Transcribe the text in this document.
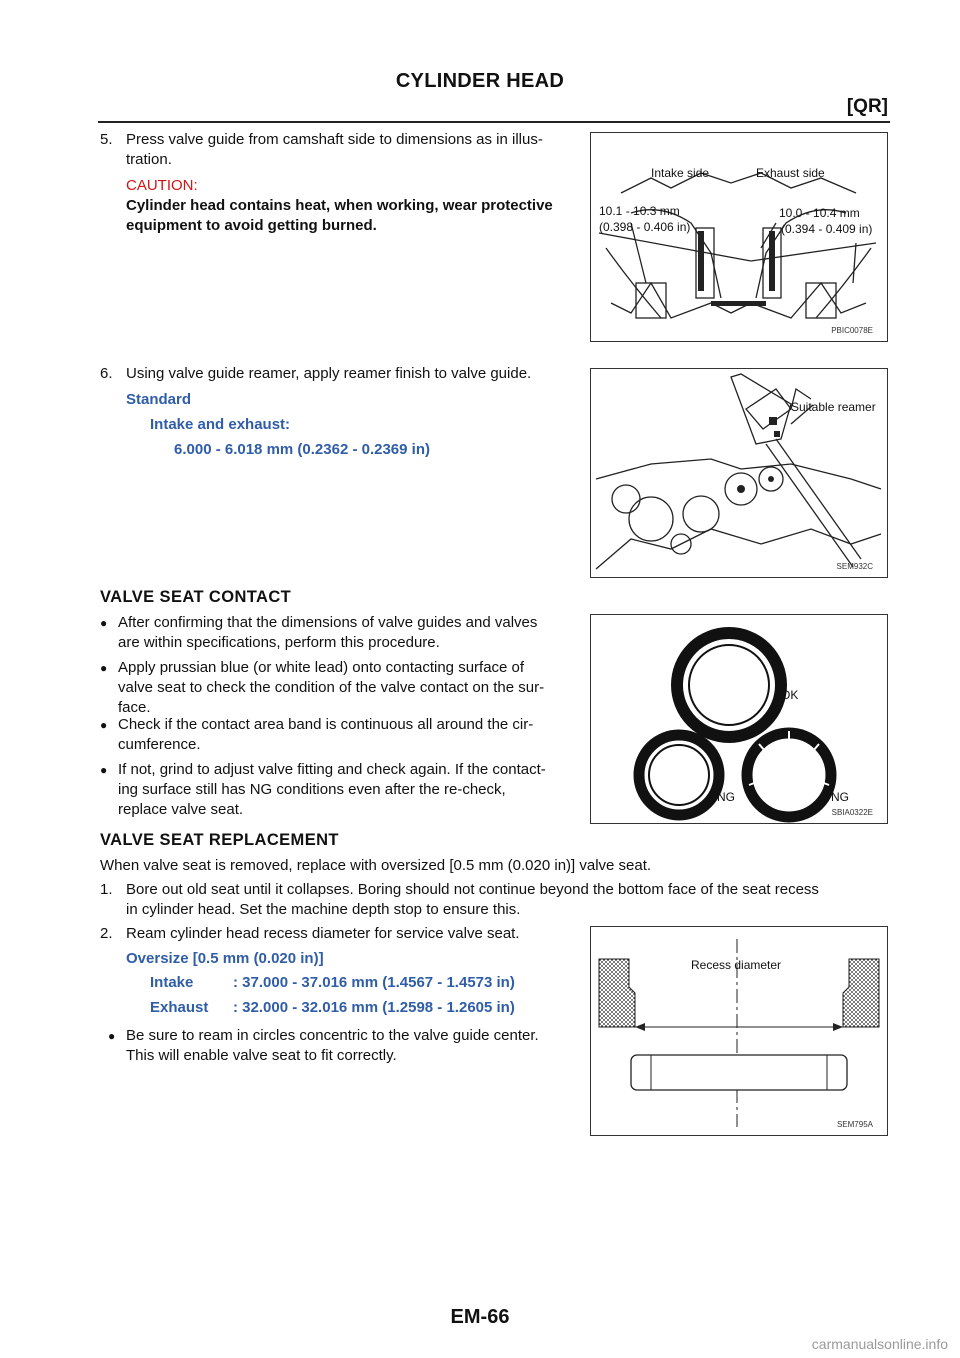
CYLINDER HEAD
[QR]
5. Press valve guide from camshaft side to dimensions as in illus-
tration.
CAUTION:
Cylinder head contains heat, when working, wear protective
equipment to avoid getting burned.
Intake side	Exhaust side
10.1 - 10.3 mm
(0.398 - 0.406 in)
10.0 - 10.4 mm
(0.394 - 0.409 in)
PBIC0078E
6. Using valve guide reamer, apply reamer finish to valve guide.
Standard
Intake and exhaust:
6.000 - 6.018 mm (0.2362 - 0.2369 in)
Suitable reamer
SEM932C
VALVE SEAT CONTACT
● After confirming that the dimensions of valve guides and valves
are within specifications, perform this procedure.
● Apply prussian blue (or white lead) onto contacting surface of
valve seat to check the condition of the valve contact on the sur-
face.
● Check if the contact area band is continuous all around the cir-
cumference.
● If not, grind to adjust valve fitting and check again. If the contact-
ing surface still has NG conditions even after the re-check,
replace valve seat.
OK
NG	NG
SBIA0322E
VALVE SEAT REPLACEMENT
When valve seat is removed, replace with oversized [0.5 mm (0.020 in)] valve seat.
1. Bore out old seat until it collapses. Boring should not continue beyond the bottom face of the seat recess
in cylinder head. Set the machine depth stop to ensure this.
2. Ream cylinder head recess diameter for service valve seat.
Oversize [0.5 mm (0.020 in)]
Intake	: 37.000 - 37.016 mm (1.4567 - 1.4573 in)
Exhaust : 32.000 - 32.016 mm (1.2598 - 1.2605 in)
● Be sure to ream in circles concentric to the valve guide center.
This will enable valve seat to fit correctly.
Recess diameter
SEM795A
EM-66
carmanualsonline.info
